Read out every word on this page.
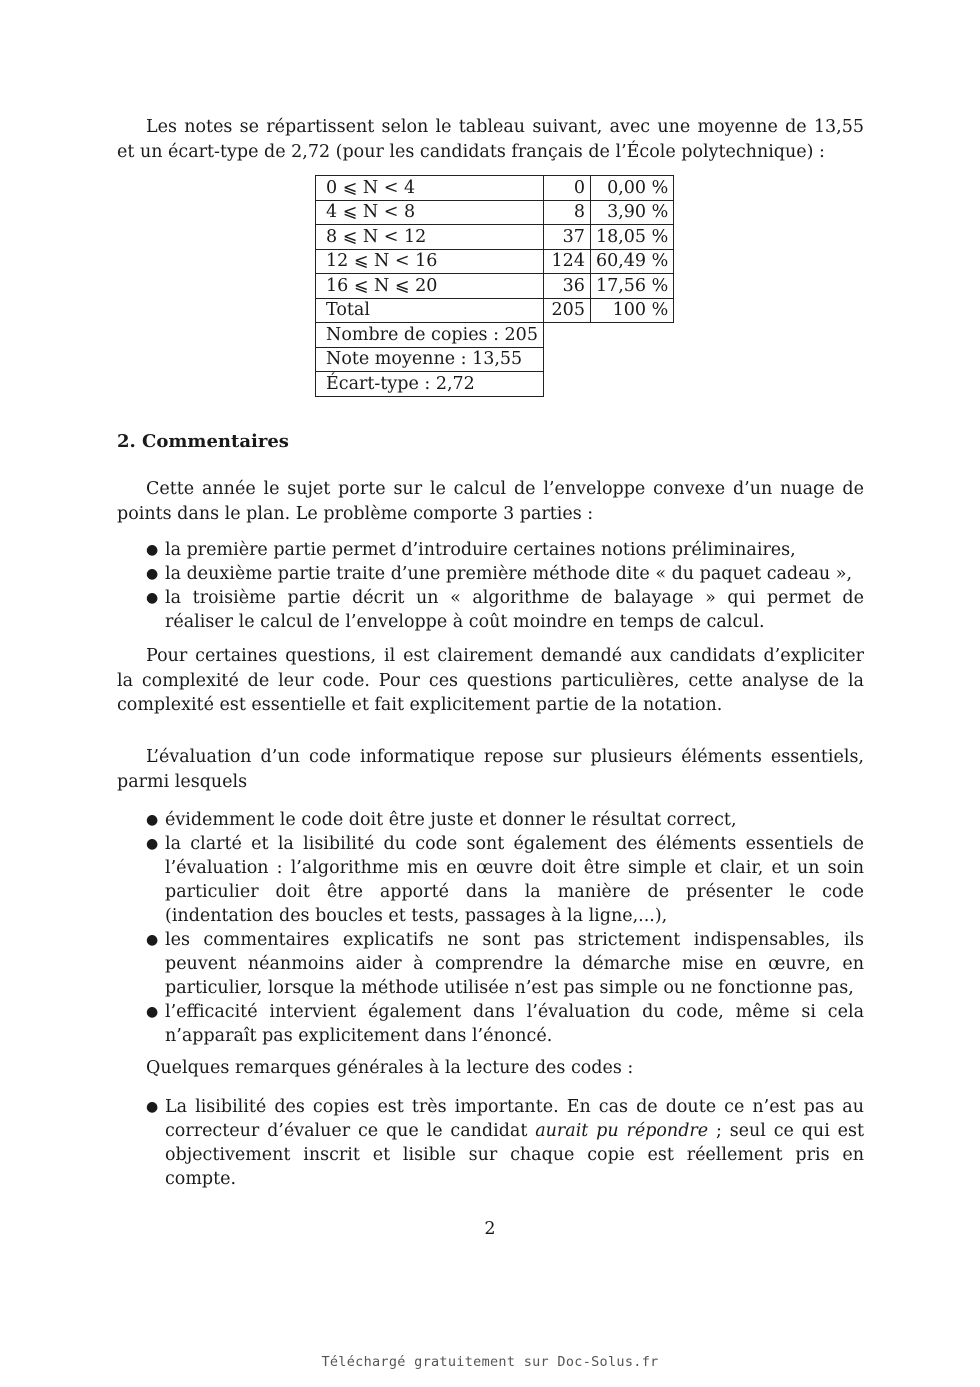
Les notes se répartissent selon le tableau suivant, avec une moyenne de 13,55 et un écart-type de 2,72 (pour les candidats français de l’École polytechnique) :

0 ⩽ N < 4	0	0,00 %
4 ⩽ N < 8	8	3,90 %
8 ⩽ N < 12	37	18,05 %
12 ⩽ N < 16	124	60,49 %
16 ⩽ N ⩽ 20	36	17,56 %
Total	205	100 %
Nombre de copies : 205		
Note moyenne : 13,55		
Écart-type : 2,72		
2. Commentaires

Cette année le sujet porte sur le calcul de l’enveloppe convexe d’un nuage de points dans le plan. Le problème comporte 3 parties :

● la première partie permet d’introduire certaines notions préliminaires,
● la deuxième partie traite d’une première méthode dite « du paquet cadeau »,
● la troisième partie décrit un « algorithme de balayage » qui permet de réaliser le calcul de l’enveloppe à coût moindre en temps de calcul.

Pour certaines questions, il est clairement demandé aux candidats d’expliciter la complexité de leur code. Pour ces questions particulières, cette analyse de la complexité est essentielle et fait explicitement partie de la notation.

L’évaluation d’un code informatique repose sur plusieurs éléments essentiels, parmi lesquels

● évidemment le code doit être juste et donner le résultat correct,
● la clarté et la lisibilité du code sont également des éléments essentiels de l’évaluation : l’algorithme mis en œuvre doit être simple et clair, et un soin particulier doit être apporté dans la manière de présenter le code (indentation des boucles et tests, passages à la ligne,...),
● les commentaires explicatifs ne sont pas strictement indispensables, ils peuvent néanmoins aider à comprendre la démarche mise en œuvre, en particulier, lorsque la méthode utilisée n’est pas simple ou ne fonctionne pas,
● l’efficacité intervient également dans l’évaluation du code, même si cela n’apparaît pas explicitement dans l’énoncé.

Quelques remarques générales à la lecture des codes :

● La lisibilité des copies est très importante. En cas de doute ce n’est pas au correcteur d’évaluer ce que le candidat aurait pu répondre ; seul ce qui est objectivement inscrit et lisible sur chaque copie est réellement pris en compte.
2
Téléchargé gratuitement sur Doc-Solus.fr
